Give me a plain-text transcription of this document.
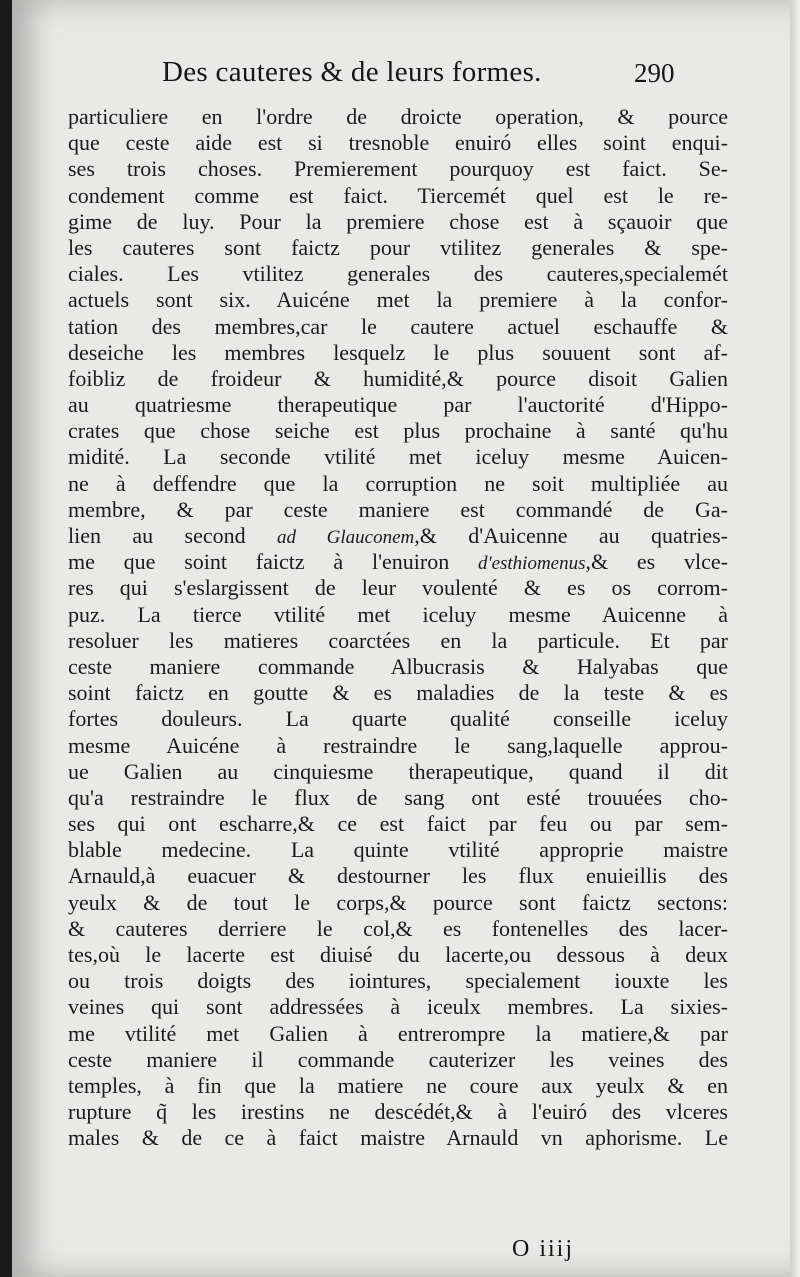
Des cauteres & de leurs formes.	290
particuliere en l'ordre de droicte operation, & pource
que ceste aide est si tresnoble enuiró elles soint enqui-
ses trois choses. Premierement pourquoy est faict. Se-
condement comme est faict. Tiercemét quel est le re-
gime de luy. Pour la premiere chose est à sçauoir que
les cauteres sont faictz pour vtilitez generales & spe-
ciales. Les vtilitez generales des cauteres,specialemét
actuels sont six. Auicéne met la premiere à la confor-
tation des membres,car le cautere actuel eschauffe &
deseiche les membres lesquelz le plus souuent sont af-
foibliz de froideur & humidité,& pource disoit Galien
au quatriesme therapeutique par l'auctorité d'Hippo-
crates que chose seiche est plus prochaine à santé qu'hu
midité. La seconde vtilité met iceluy mesme Auicen-
ne à deffendre que la corruption ne soit multipliée au
membre, & par ceste maniere est commandé de Ga-
lien au second ad Glauconem,& d'Auicenne au quatries-
me que soint faictz à l'enuiron d'esthiomenus,& es vlce-
res qui s'eslargissent de leur voulenté & es os corrom-
puz. La tierce vtilité met iceluy mesme Auicenne à
resoluer les matieres coarctées en la particule. Et par
ceste maniere commande Albucrasis & Halyabas que
soint faictz en goutte & es maladies de la teste & es
fortes douleurs. La quarte qualité conseille iceluy
mesme Auicéne à restraindre le sang,laquelle approu-
ue Galien au cinquiesme therapeutique, quand il dit
qu'a restraindre le flux de sang ont esté trouuées cho-
ses qui ont escharre,& ce est faict par feu ou par sem-
blable medecine. La quinte vtilité approprie maistre
Arnauld,à euacuer & destourner les flux enuieillis des
yeulx & de tout le corps,& pource sont faictz sectons:
& cauteres derriere le col,& es fontenelles des lacer-
tes,où le lacerte est diuisé du lacerte,ou dessous à deux
ou trois doigts des iointures, specialement iouxte les
veines qui sont addressées à iceulx membres. La sixies-
me vtilité met Galien à entrerompre la matiere,& par
ceste maniere il commande cauterizer les veines des
temples, à fin que la matiere ne coure aux yeulx & en
rupture q̃ les irestins ne descédét,& à l'euiró des vlceres
males & de ce à faict maistre Arnauld vn aphorisme. Le
O iiij
